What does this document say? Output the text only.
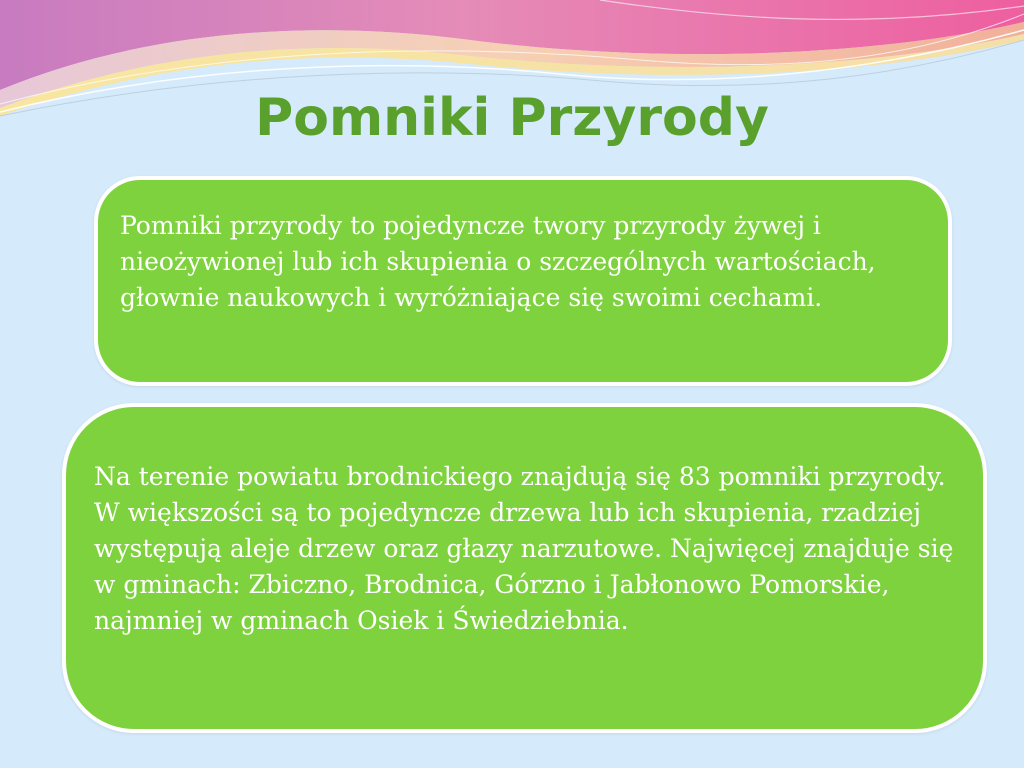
Pomniki Przyrody

Pomniki przyrody to pojedyncze twory przyrody żywej i nieożywionej lub ich skupienia o szczególnych wartościach, głownie naukowych i wyróżniające się swoimi cechami.

Na terenie powiatu brodnickiego znajdują się 83 pomniki przyrody. W większości są to pojedyncze drzewa lub ich skupienia, rzadziej występują aleje drzew oraz głazy narzutowe. Najwięcej znajduje się w gminach: Zbiczno, Brodnica, Górzno i Jabłonowo Pomorskie, najmniej w gminach Osiek i Świedziebnia.
